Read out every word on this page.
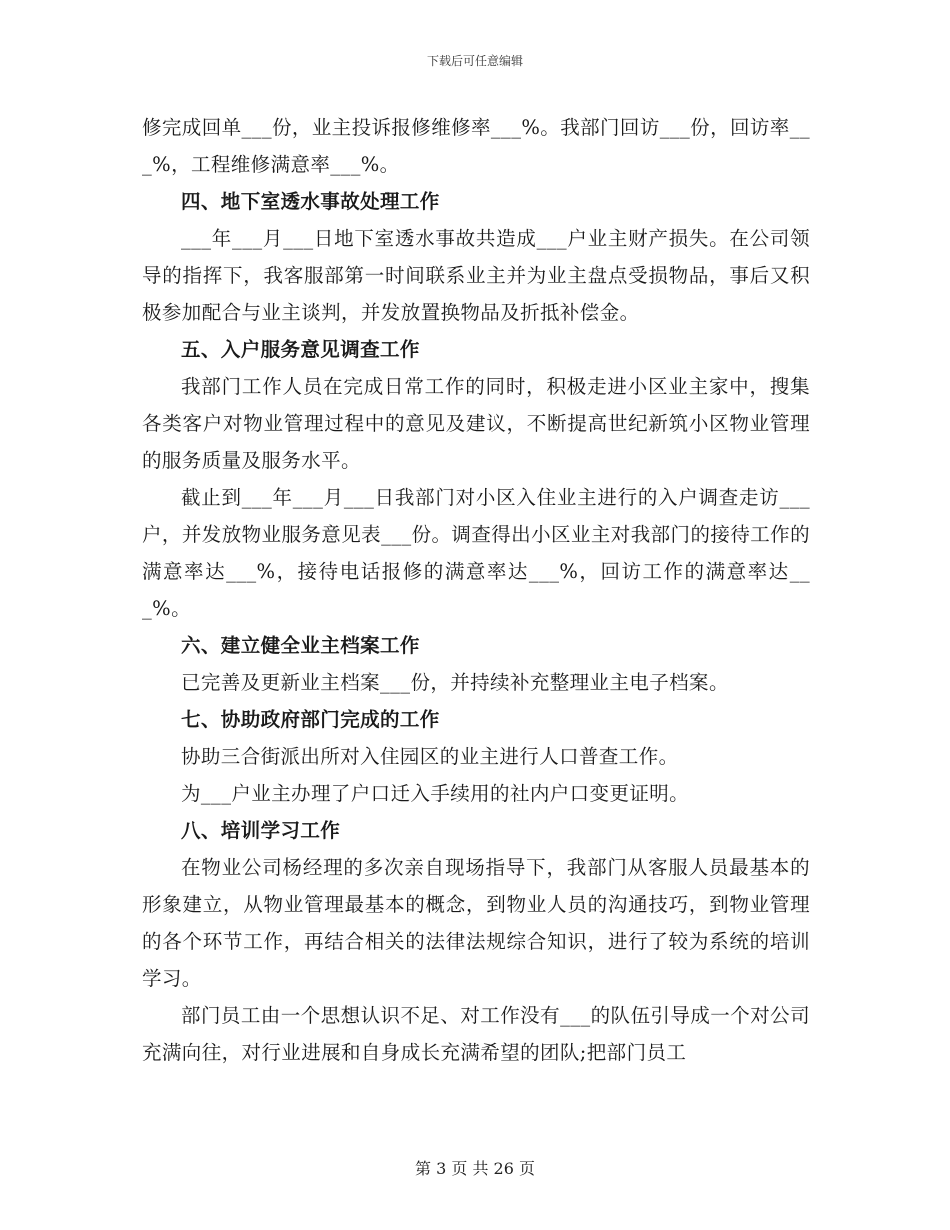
下载后可任意编辑

修完成回单___份，业主投诉报修维修率___%。我部门回访___份，回访率___%，工程维修满意率___%。

四、地下室透水事故处理工作

___年___月___日地下室透水事故共造成___户业主财产损失。在公司领导的指挥下，我客服部第一时间联系业主并为业主盘点受损物品，事后又积极参加配合与业主谈判，并发放置换物品及折抵补偿金。

五、入户服务意见调查工作

我部门工作人员在完成日常工作的同时，积极走进小区业主家中，搜集各类客户对物业管理过程中的意见及建议，不断提高世纪新筑小区物业管理的服务质量及服务水平。

截止到___年___月___日我部门对小区入住业主进行的入户调查走访___户，并发放物业服务意见表___份。调查得出小区业主对我部门的接待工作的满意率达___%，接待电话报修的满意率达___%，回访工作的满意率达___%。

六、建立健全业主档案工作

已完善及更新业主档案___份，并持续补充整理业主电子档案。

七、协助政府部门完成的工作

协助三合街派出所对入住园区的业主进行人口普查工作。

为___户业主办理了户口迁入手续用的社内户口变更证明。

八、培训学习工作

在物业公司杨经理的多次亲自现场指导下，我部门从客服人员最基本的形象建立，从物业管理最基本的概念，到物业人员的沟通技巧，到物业管理的各个环节工作，再结合相关的法律法规综合知识，进行了较为系统的培训学习。

部门员工由一个思想认识不足、对工作没有___的队伍引导成一个对公司充满向往，对行业进展和自身成长充满希望的团队;把部门员工

第 3 页 共 26 页
